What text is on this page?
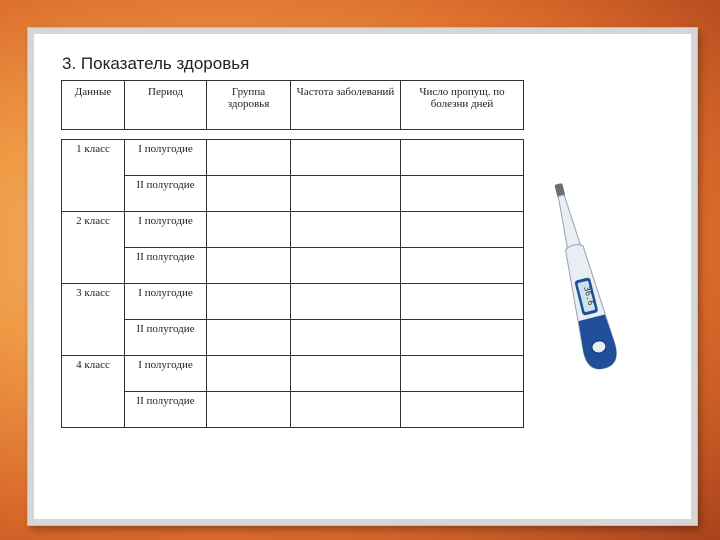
3. Показатель здоровья
Данные	Период	Группа здоровья	Частота заболеваний	Число пропущ. по болезни дней

1 класс	I полугодие			
	II полугодие			
2 класс	I полугодие			
	II полугодие			
3 класс	I полугодие			
	II полугодие			
4 класс	I полугодие			
	II полугодие			
36.6
